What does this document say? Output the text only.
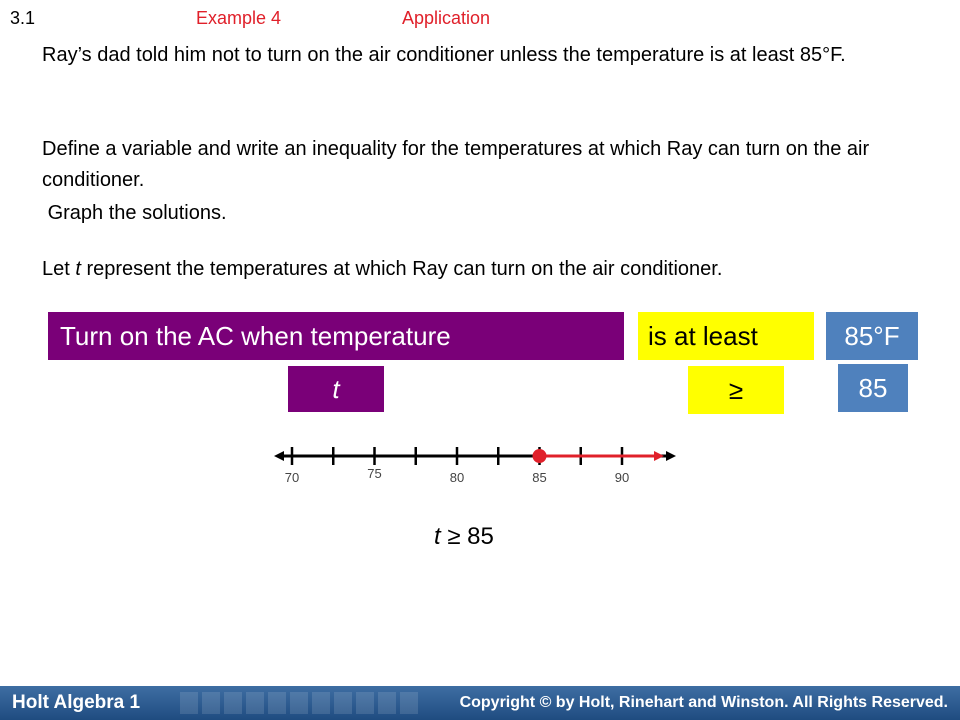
3.1	Example 4	Application
Ray’s dad told him not to turn on the air conditioner unless the temperature is at least 85°F.
Define a variable and write an inequality for the temperatures at which Ray can turn on the air conditioner.
Graph the solutions.
Let t represent the temperatures at which Ray can turn on the air conditioner.
Turn on the AC when temperature	is at least	85°F
t	≥	85
70	75	80	85	90
t ≥ 85
Holt Algebra 1	Copyright © by Holt, Rinehart and Winston. All Rights Reserved.
